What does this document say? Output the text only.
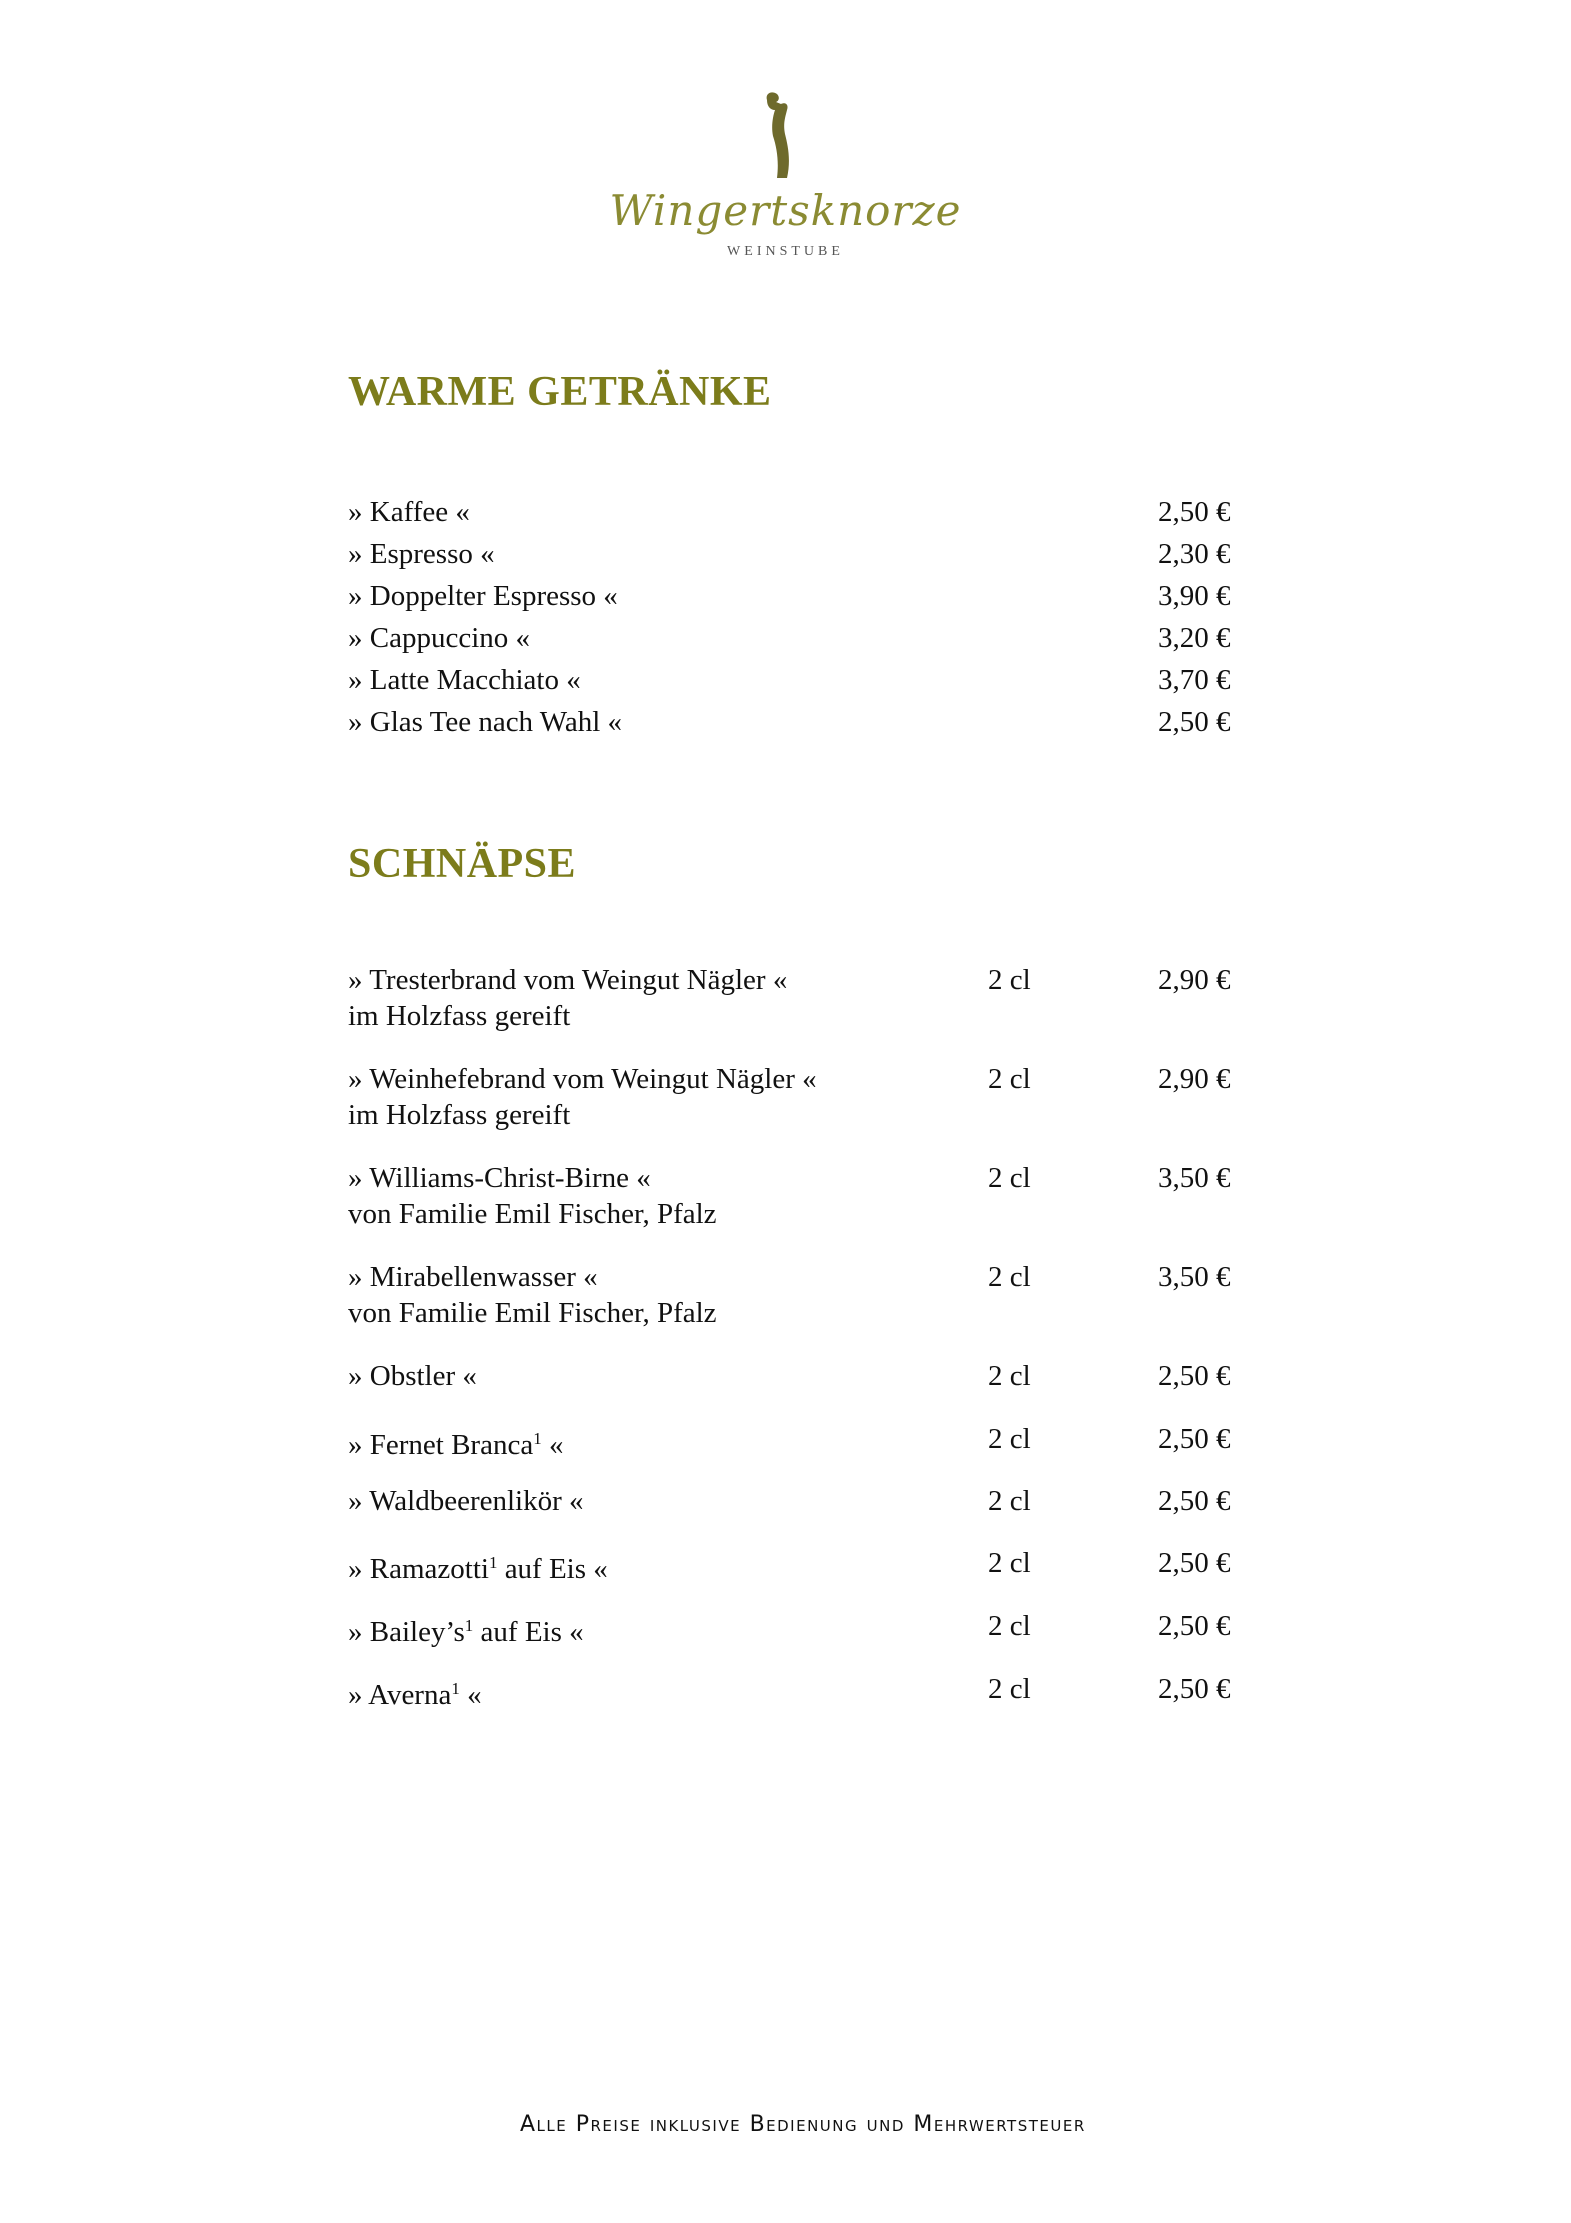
Wingertsknorze
WEINSTUBE
WARME GETRÄNKE
» Kaffee «	2,50 €
» Espresso «	2,30 €
» Doppelter Espresso «	3,90 €
» Cappuccino «	3,20 €
» Latte Macchiato «	3,70 €
» Glas Tee nach Wahl «	2,50 €
SCHNÄPSE
» Tresterbrand vom Weingut Nägler «
im Holzfass gereift
2 cl	2,90 €
» Weinhefebrand vom Weingut Nägler «
im Holzfass gereift
2 cl	2,90 €
» Williams-Christ-Birne «
von Familie Emil Fischer, Pfalz
2 cl	3,50 €
» Mirabellenwasser «
von Familie Emil Fischer, Pfalz
2 cl	3,50 €
» Obstler «	2 cl	2,50 €
» Fernet Branca$^1$ «	2 cl	2,50 €
» Waldbeerenlikör «	2 cl	2,50 €
» Ramazotti$^1$ auf Eis «	2 cl	2,50 €
» $Bailey’s^1$ auf Eis «	2 cl	2,50 €
» Averna$^1$ «	2 cl	2,50 €
Alle Preise inklusive Bedienung und Mehrwertsteuer
